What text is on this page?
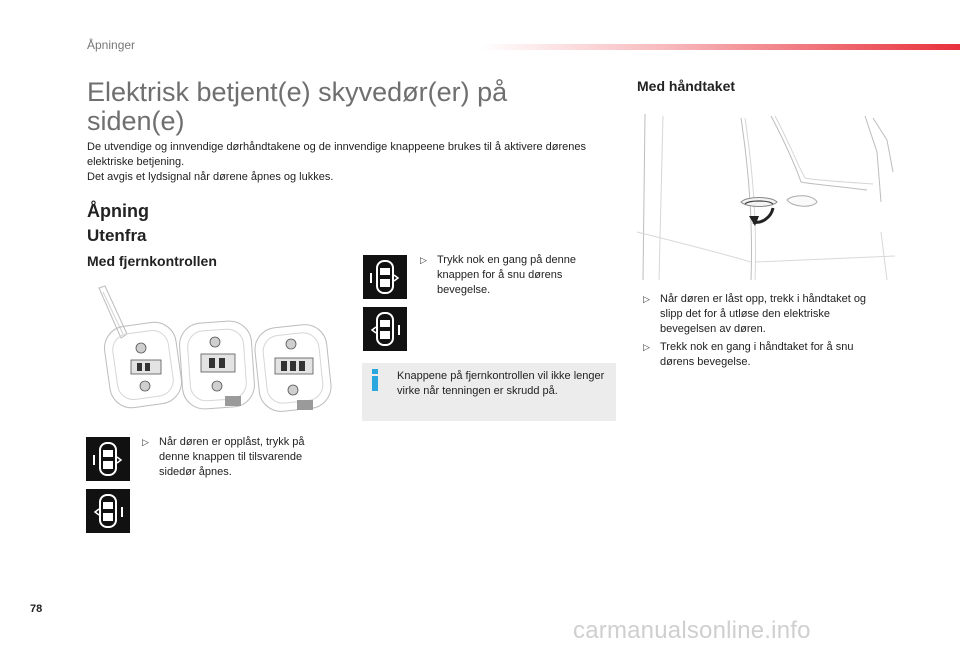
Åpninger
Elektrisk betjent(e) skyvedør(er) på siden(e)

De utvendige og innvendige dørhåndtakene og de innvendige knappeene brukes til å aktivere dørenes elektriske betjening.

Det avgis et lydsignal når dørene åpnes og lukkes.

Åpning
Utenfra
Med fjernkontrollen
Med håndtaket
▷ Når døren er opplåst, trykk på denne knappen til tilsvarende sidedør åpnes.
▷ Trykk nok en gang på denne knappen for å snu dørens bevegelse.
Knappene på fjernkontrollen vil ikke lenger virke når tenningen er skrudd på.
▷ Når døren er låst opp, trekk i håndtaket og slipp det for å utløse den elektriske bevegelsen av døren.
▷ Trekk nok en gang i håndtaket for å snu dørens bevegelse.
78
carmanualsonline.info
